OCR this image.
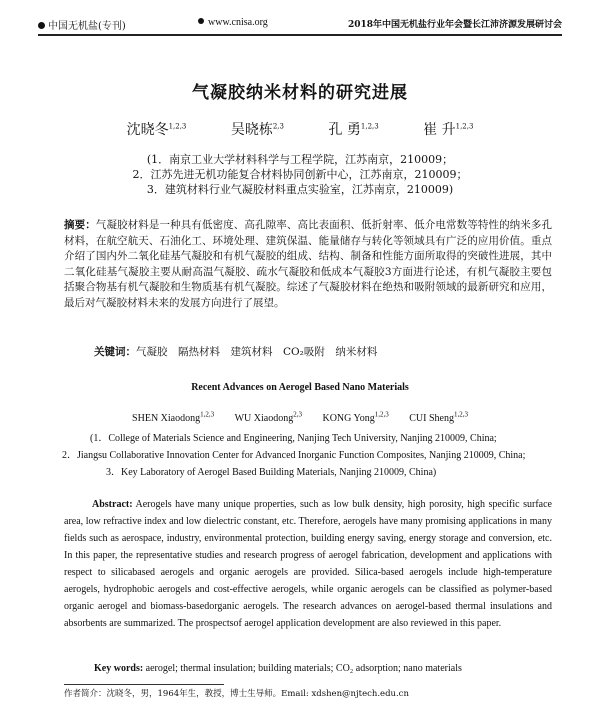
中国无机盐(专刊)	www.cnisa.org	2018年中国无机盐行业年会暨长江沛济源发展研讨会
气凝胶纳米材料的研究进展
沈晓冬$^{1,2,3}$	吴晓栋$^{2,3}$	孔 勇$^{1,2,3}$	崔 升$^{1,2,3}$
(1．南京工业大学材料科学与工程学院，江苏南京，210009；
2．江苏先进无机功能复合材料协同创新中心，江苏南京，210009；
3．建筑材料行业气凝胶材料重点实验室，江苏南京，210009)
摘要：气凝胶材料是一种具有低密度、高孔隙率、高比表面积、低折射率、低介电常数等特性的纳米多孔材料，在航空航天、石油化工、环境处理、建筑保温、能量储存与转化等领域具有广泛的应用价值。重点介绍了国内外二氧化硅基气凝胶和有机气凝胶的组成、结构、制备和性能方面所取得的突破性进展，其中二氧化硅基气凝胶主要从耐高温气凝胶、疏水气凝胶和低成本气凝胶3方面进行论述，有机气凝胶主要包括聚合物基有机气凝胶和生物质基有机气凝胶。综述了气凝胶材料在绝热和吸附领域的最新研究和应用，最后对气凝胶材料未来的发展方向进行了展望。
关键词：气凝胶　隔热材料　建筑材料　CO₂吸附　纳米材料
Recent Advances on Aerogel Based Nano Materials
SHEN Xiaodong$^{1,2,3}$ WU Xiaodong$^{2,3}$ KONG Yong$^{1,2,3}$ CUI Sheng$^{1,2,3}$
(1．College of Materials Science and Engineering, Nanjing Tech University, Nanjing 210009, China;
2．Jiangsu Collaborative Innovation Center for Advanced Inorganic Function Composites, Nanjing 210009, China;
3．Key Laboratory of Aerogel Based Building Materials, Nanjing 210009, China)
Abstract: Aerogels have many unique properties, such as low bulk density, high porosity, high specific surface area, low refractive index and low dielectric constant, etc. Therefore, aerogels have many promising applications in many fields such as aerospace, industry, environmental protection, building energy saving, energy storage and conversion, etc. In this paper, the representative studies and research progress of aerogel fabrication, development and applications with respect to silicabased aerogels and organic aerogels are provided. Silica-based aerogels include high-temperature aerogels, hydrophobic aerogels and cost-effective aerogels, while organic aerogels can be classified as polymer-based organic aerogel and biomass-basedorganic aerogels. The research advances on aerogel-based thermal insulations and absorbents are summarized. The prospectsof aerogel application development are also reviewed in this paper.
Key words: aerogel; thermal insulation; building materials; CO₂ adsorption; nano materials
作者简介：沈晓冬，男，1964年生，教授，博士生导师。Email: xdshen@njtech.edu.cn
